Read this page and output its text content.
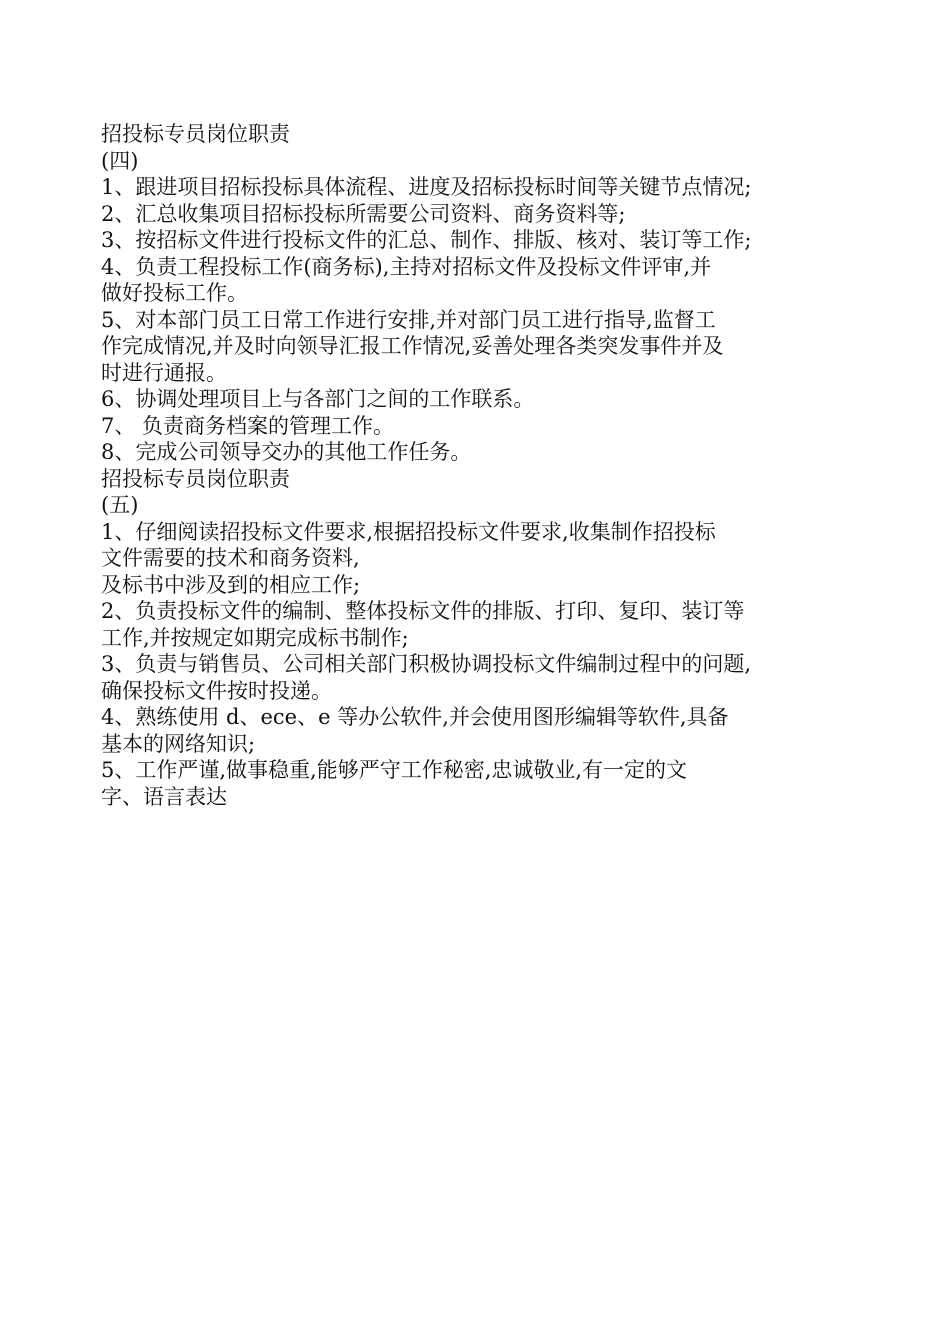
招投标专员岗位职责
(四)
1、跟进项目招标投标具体流程、进度及招标投标时间等关键节点情况;
2、汇总收集项目招标投标所需要公司资料、商务资料等;
3、按招标文件进行投标文件的汇总、制作、排版、核对、装订等工作;
4、负责工程投标工作(商务标),主持对招标文件及投标文件评审,并
做好投标工作。
5、对本部门员工日常工作进行安排,并对部门员工进行指导,监督工
作完成情况,并及时向领导汇报工作情况,妥善处理各类突发事件并及
时进行通报。
6、协调处理项目上与各部门之间的工作联系。
7、 负责商务档案的管理工作。
8、完成公司领导交办的其他工作任务。
招投标专员岗位职责
(五)
1、仔细阅读招投标文件要求,根据招投标文件要求,收集制作招投标
文件需要的技术和商务资料,
及标书中涉及到的相应工作;
2、负责投标文件的编制、整体投标文件的排版、打印、复印、装订等
工作,并按规定如期完成标书制作;
3、负责与销售员、公司相关部门积极协调投标文件编制过程中的问题,
确保投标文件按时投递。
4、熟练使用 d、ece、e 等办公软件,并会使用图形编辑等软件,具备
基本的网络知识;
5、工作严谨,做事稳重,能够严守工作秘密,忠诚敬业,有一定的文
字、语言表达
